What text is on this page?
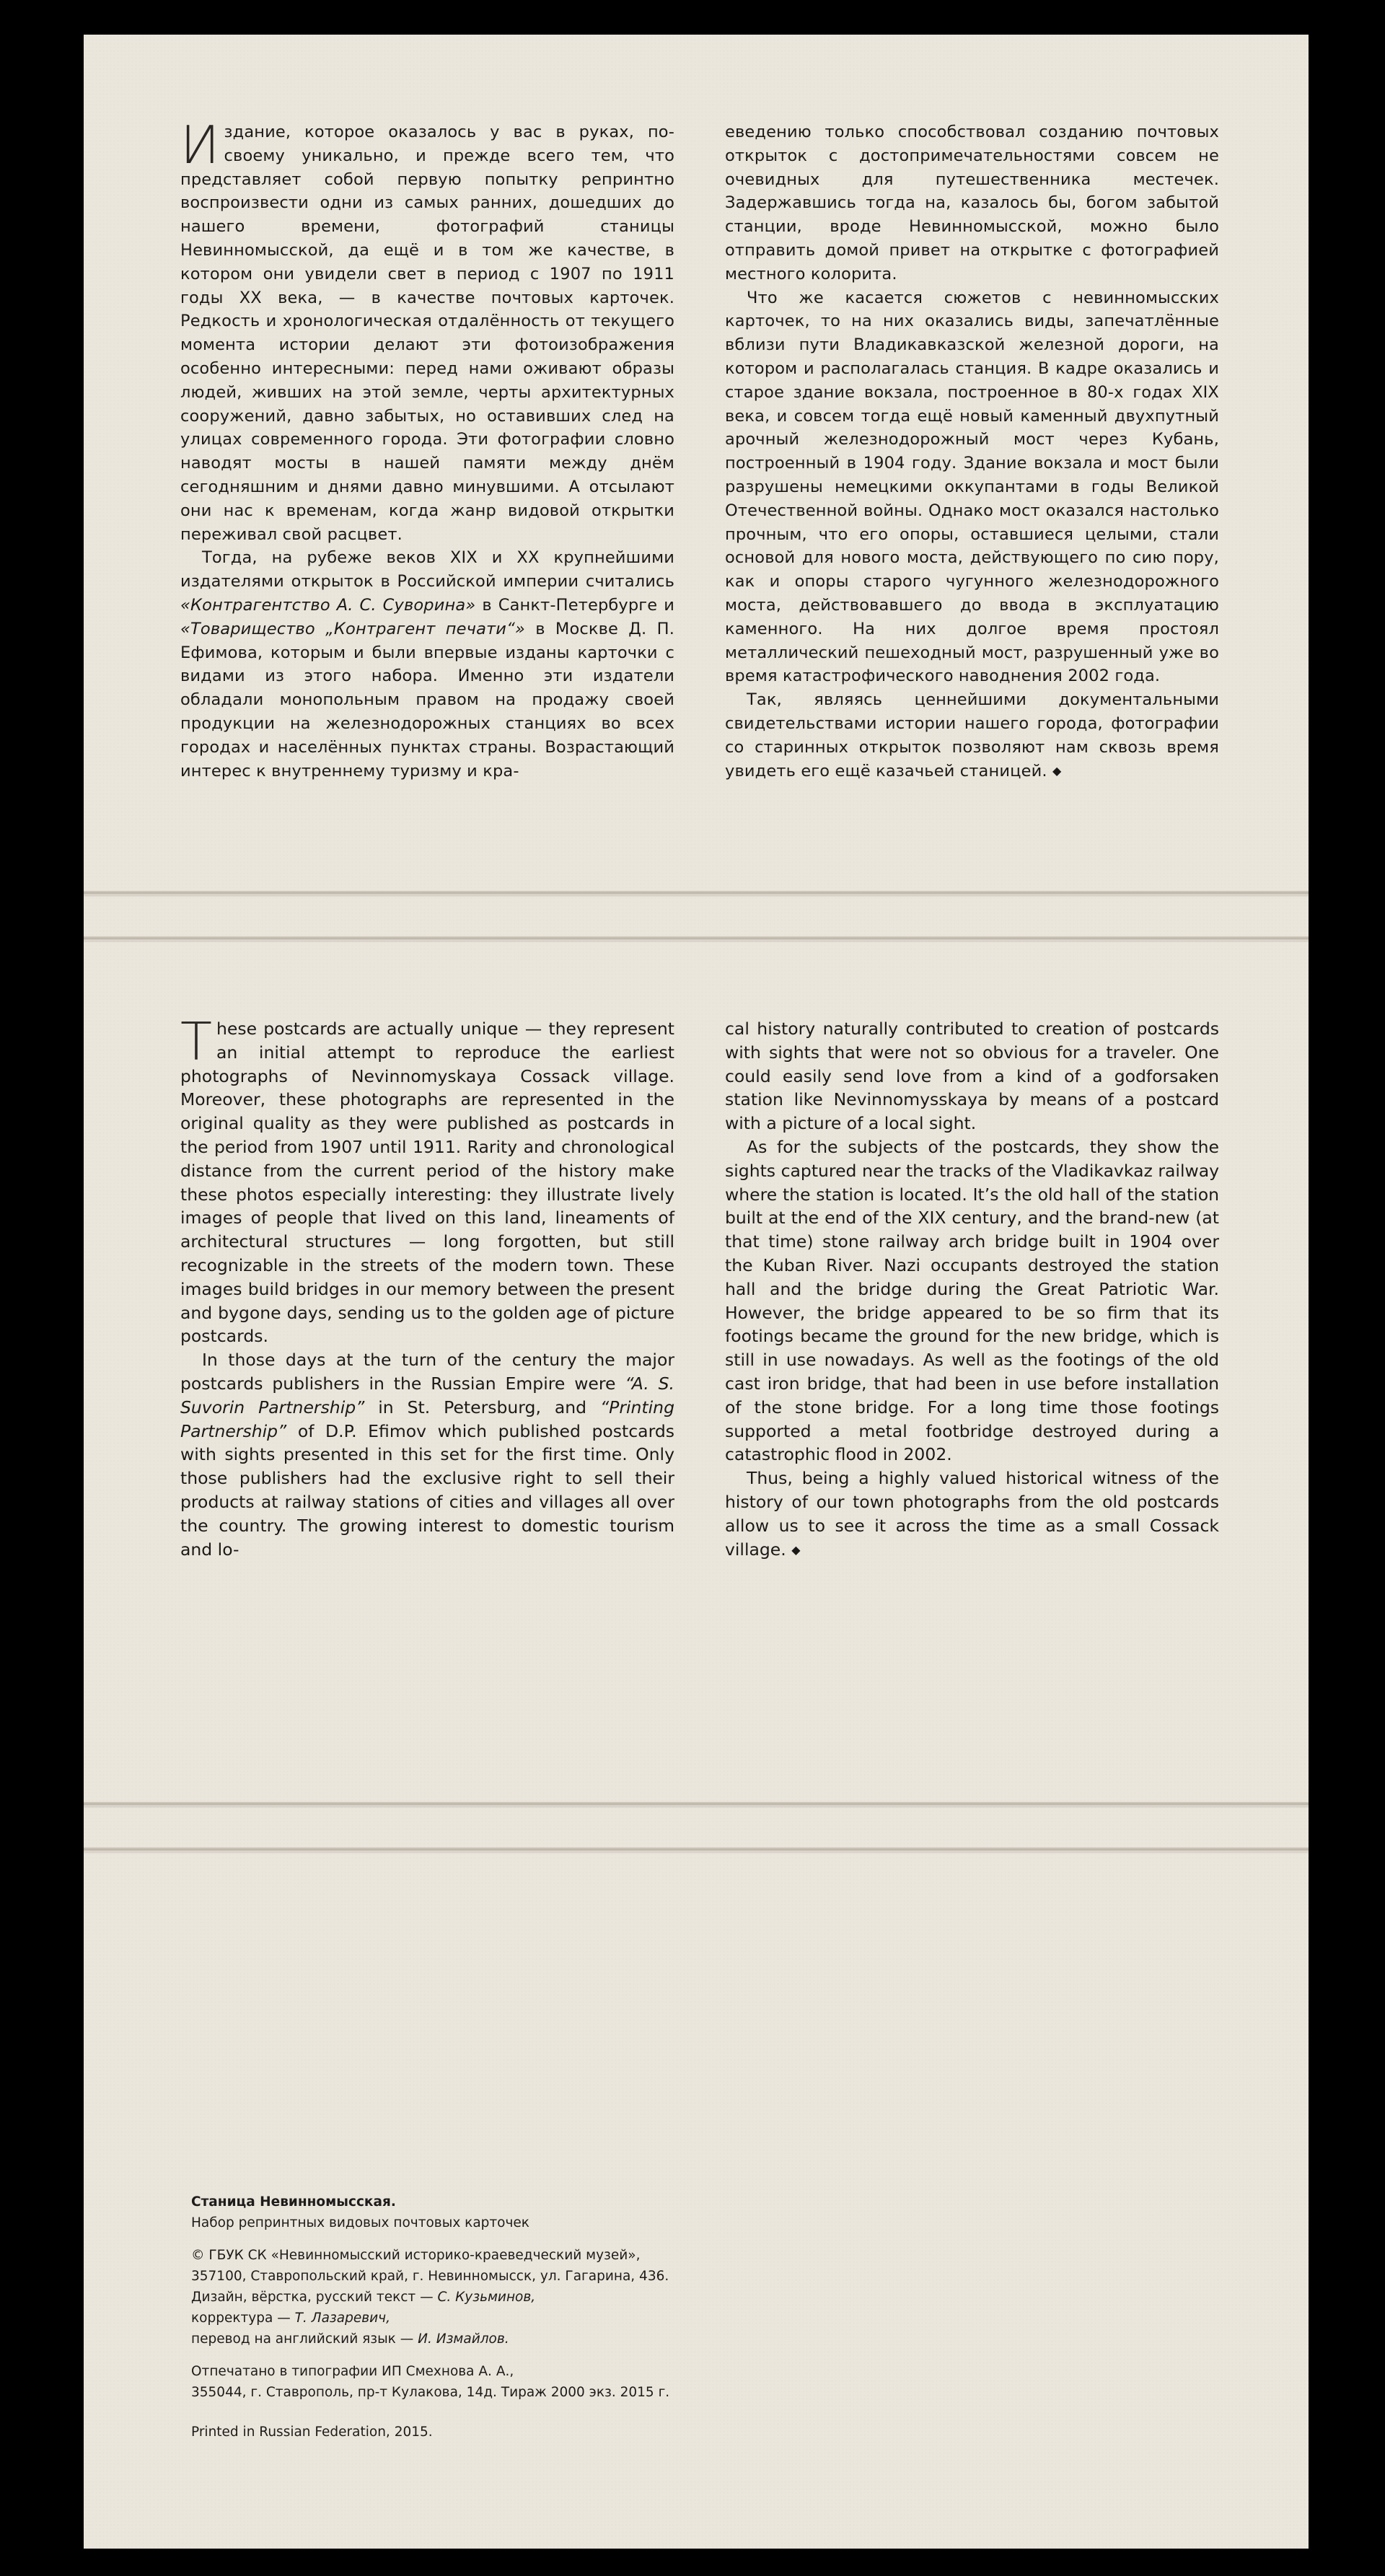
Издание, которое оказалось у вас в руках, по-своему уникально, и прежде всего тем, что представляет собой первую попытку репринтно воспроизвести одни из самых ранних, дошедших до нашего времени, фотографий станицы Невинномысской, да ещё и в том же качестве, в котором они увидели свет в период с 1907 по 1911 годы XX века, — в качестве почтовых карточек. Редкость и хронологическая отдалённость от текущего момента истории делают эти фотоизображения особенно интересными: перед нами оживают образы людей, живших на этой земле, черты архитектурных сооружений, давно забытых, но оставивших след на улицах современного города. Эти фотографии словно наводят мосты в нашей памяти между днём сегодняшним и днями давно минувшими. А отсылают они нас к временам, когда жанр видовой открытки переживал свой расцвет.

Тогда, на рубеже веков XIX и XX крупнейшими издателями открыток в Российской империи считались «Контрагентство А. С. Суворина» в Санкт-Петербурге и «Товарищество „Контрагент печати“» в Москве Д. П. Ефимова, которым и были впервые изданы карточки с видами из этого набора. Именно эти издатели обладали монопольным правом на продажу своей продукции на железнодорожных станциях во всех городах и населённых пунктах страны. Возрастающий интерес к внутреннему туризму и кра-

еведению только способствовал созданию почтовых открыток с достопримечательностями совсем не очевидных для путешественника местечек. Задержавшись тогда на, казалось бы, богом забытой станции, вроде Невинномысской, можно было отправить домой привет на открытке с фотографией местного колорита.

Что же касается сюжетов с невинномысских карточек, то на них оказались виды, запечатлённые вблизи пути Владикавказской железной дороги, на котором и располагалась станция. В кадре оказались и старое здание вокзала, построенное в 80-х годах XIX века, и совсем тогда ещё новый каменный двухпутный арочный железнодорожный мост через Кубань, построенный в 1904 году. Здание вокзала и мост были разрушены немецкими оккупантами в годы Великой Отечественной войны. Однако мост оказался настолько прочным, что его опоры, оставшиеся целыми, стали основой для нового моста, действующего по сию пору, как и опоры старого чугунного железнодорожного моста, действовавшего до ввода в эксплуатацию каменного. На них долгое время простоял металлический пешеходный мост, разрушенный уже во время катастрофического наводнения 2002 года.

Так, являясь ценнейшими документальными свидетельствами истории нашего города, фотографии со старинных открыток позволяют нам сквозь время увидеть его ещё казачьей станицей. ◆

These postcards are actually unique — they represent an initial attempt to reproduce the earliest photographs of Nevinnomyskaya Cossack village. Moreover, these photographs are represented in the original quality as they were published as postcards in the period from 1907 until 1911. Rarity and chronological distance from the current period of the history make these photos especially interesting: they illustrate lively images of people that lived on this land, lineaments of architectural structures — long forgotten, but still recognizable in the streets of the modern town. These images build bridges in our memory between the present and bygone days, sending us to the golden age of picture postcards.

In those days at the turn of the century the major postcards publishers in the Russian Empire were “A. S. Suvorin Partnership” in St. Petersburg, and “Printing Partnership” of D.P. Efimov which published postcards with sights presented in this set for the first time. Only those publishers had the exclusive right to sell their products at railway stations of cities and villages all over the country. The growing interest to domestic tourism and lo-

cal history naturally contributed to creation of postcards with sights that were not so obvious for a traveler. One could easily send love from a kind of a godforsaken station like Nevinnomysskaya by means of a postcard with a picture of a local sight.

As for the subjects of the postcards, they show the sights captured near the tracks of the Vladikavkaz railway where the station is located. It’s the old hall of the station built at the end of the XIX century, and the brand-new (at that time) stone railway arch bridge built in 1904 over the Kuban River. Nazi occupants destroyed the station hall and the bridge during the Great Patriotic War. However, the bridge appeared to be so firm that its footings became the ground for the new bridge, which is still in use nowadays. As well as the footings of the old cast iron bridge, that had been in use before installation of the stone bridge. For a long time those footings supported a metal footbridge destroyed during a catastrophic flood in 2002.

Thus, being a highly valued historical witness of the history of our town photographs from the old postcards allow us to see it across the time as a small Cossack village. ◆

Станица Невинномысская.
Набор репринтных видовых почтовых карточек
© ГБУК СК «Невинномысский историко-краеведческий музей»,
357100, Ставропольский край, г. Невинномысск, ул. Гагарина, 436.
Дизайн, вёрстка, русский текст — С. Кузьминов,
корректура — Т. Лазаревич,
перевод на английский язык — И. Измайлов.
Отпечатано в типографии ИП Смехнова А. А.,
355044, г. Ставрополь, пр-т Кулакова, 14д. Тираж 2000 экз. 2015 г.
Printed in Russian Federation, 2015.
